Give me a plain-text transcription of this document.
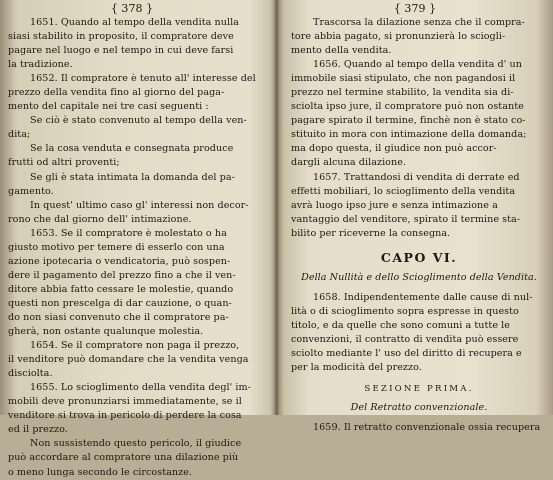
{ 378 }
1651. Quando al tempo della vendita nulla
siasi stabilito in proposito, il compratore deve
pagare nel luogo e nel tempo in cui deve farsi
la tradizione.
1652. Il compratore è tenuto all' interesse del
prezzo della vendita fino al giorno del paga-
mento del capitale nei tre casi seguenti :
Se ciò è stato convenuto al tempo della ven-
dita;
Se la cosa venduta e consegnata produce
frutti od altri proventi;
Se gli è stata intimata la domanda del pa-
gamento.
In quest' ultimo caso gl' interessi non decor-
rono che dal giorno dell' intimazione.
1653. Se il compratore è molestato o ha
giusto motivo per temere di esserlo con una
azione ipotecaria o vendicatoria, può sospen-
dere il pagamento del prezzo fino a che il ven-
ditore abbia fatto cessare le molestie, quando
questi non prescelga di dar cauzione, o quan-
do non siasi convenuto che il compratore pa-
gherà, non ostante qualunque molestia.
1654. Se il compratore non paga il prezzo,
il venditore può domandare che la vendita venga
disciolta.
1655. Lo scioglimento della vendita degl' im-
mobili deve pronunziarsi immediatamente, se il
venditore si trova in pericolo di perdere la cosa
ed il prezzo.
Non sussistendo questo pericolo, il giudice
può accordare al compratore una dilazione più
o meno lunga secondo le circostanze.
{ 379 }
Trascorsa la dilazione senza che il compra-
tore abbia pagato, si pronunzierà lo sciogli-
mento della vendita.
1656. Quando al tempo della vendita d' un
immobile siasi stipulato, che non pagandosi il
prezzo nel termine stabilito, la vendita sia di-
sciolta ipso jure, il compratore può non ostante
pagare spirato il termine, finchè non è stato co-
stituito in mora con intimazione della domanda;
ma dopo questa, il giudice non può accor-
dargli alcuna dilazione.
1657. Trattandosi di vendita di derrate ed
effetti mobiliari, lo scioglimento della vendita
avrà luogo ipso jure e senza intimazione a
vantaggio del venditore, spirato il termine sta-
bilito per riceverne la consegna.
CAPO VI.
Della Nullità e dello Scioglimento della Vendita.
1658. Indipendentemente dalle cause di nul-
lità o di scioglimento sopra espresse in questo
titolo, e da quelle che sono comuni a tutte le
convenzioni, il contratto di vendita può essere
sciolto mediante l' uso del diritto di recupera e
per la modicità del prezzo.
SEZIONE PRIMA.
Del Retratto convenzionale.
1659. Il retratto convenzionale ossia recupera
